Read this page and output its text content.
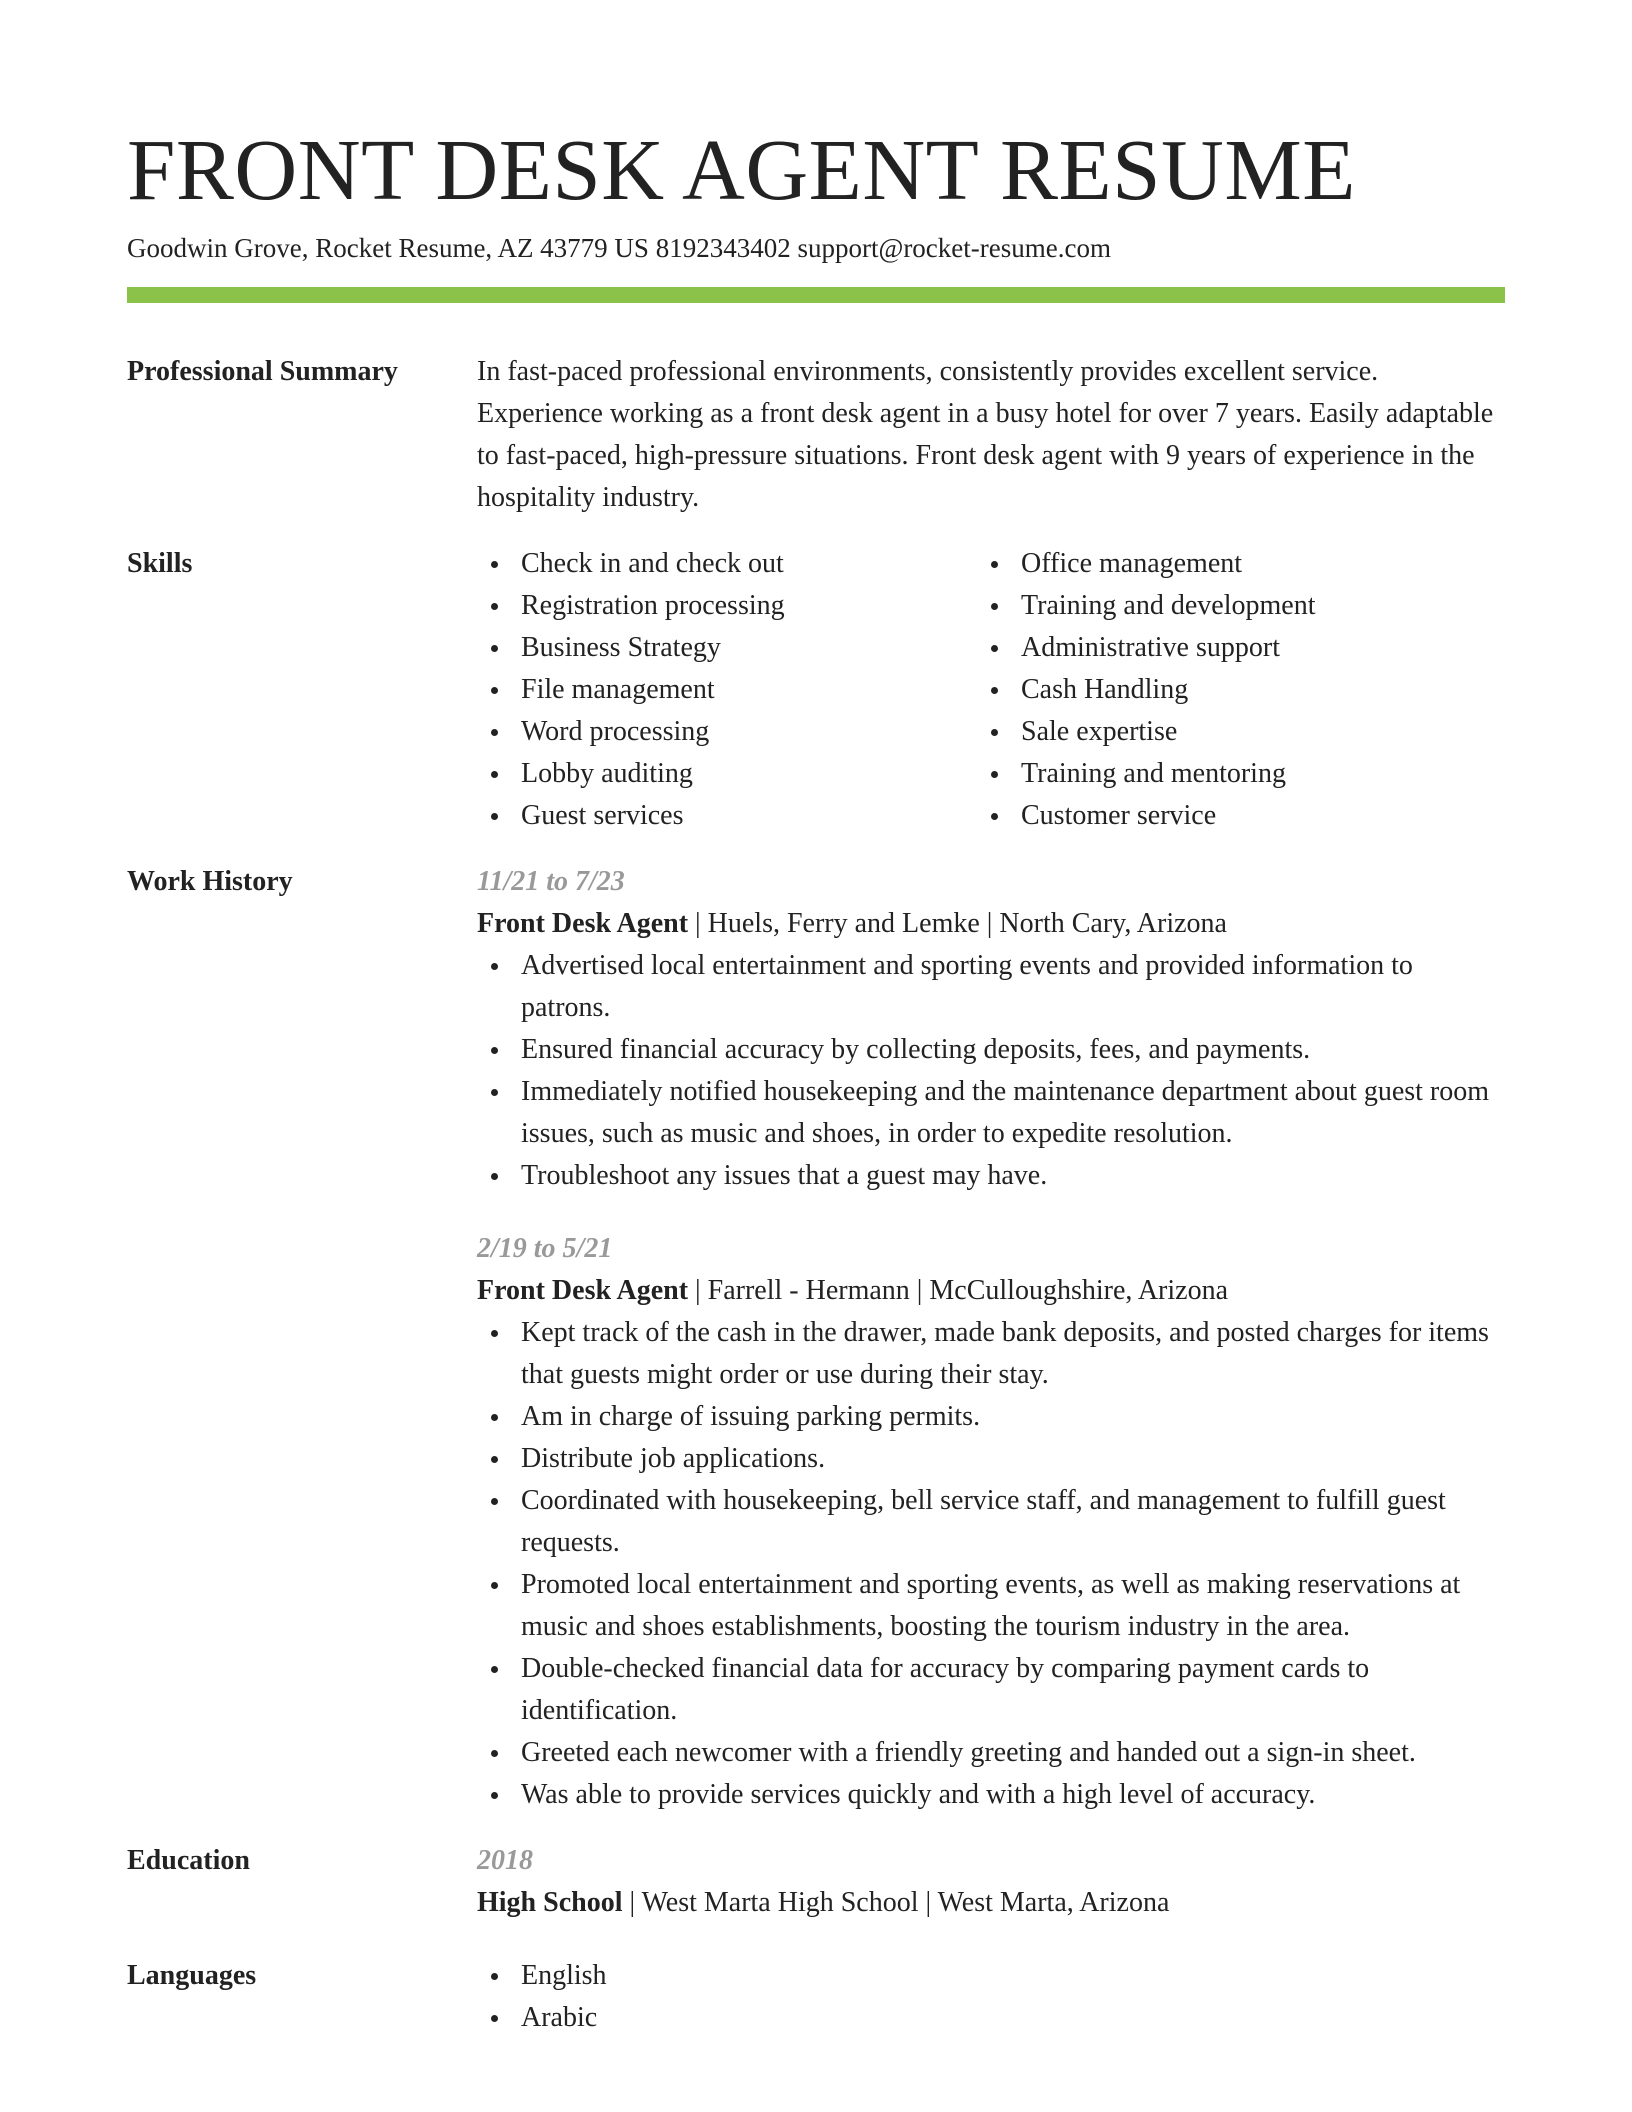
FRONT DESK AGENT RESUME
Goodwin Grove, Rocket Resume, AZ 43779 US 8192343402 support@rocket-resume.com
Professional Summary	In fast-paced professional environments, consistently provides excellent service. Experience working as a front desk agent in a busy hotel for over 7 years. Easily adaptable to fast-paced, high-pressure situations. Front desk agent with 9 years of experience in the hospitality industry.

Skills	Check in and check out
Registration processing
Business Strategy
File management
Word processing
Lobby auditing
Guest services
Office management
Training and development
Administrative support
Cash Handling
Sale expertise
Training and mentoring
Customer service
Work History	11/21 to 7/23
Front Desk Agent | Huels, Ferry and Lemke | North Cary, Arizona
Advertised local entertainment and sporting events and provided information to patrons.
Ensured financial accuracy by collecting deposits, fees, and payments.
Immediately notified housekeeping and the maintenance department about guest room issues, such as music and shoes, in order to expedite resolution.
Troubleshoot any issues that a guest may have.
2/19 to 5/21
Front Desk Agent | Farrell - Hermann | McCulloughshire, Arizona
Kept track of the cash in the drawer, made bank deposits, and posted charges for items that guests might order or use during their stay.
Am in charge of issuing parking permits.
Distribute job applications.
Coordinated with housekeeping, bell service staff, and management to fulfill guest requests.
Promoted local entertainment and sporting events, as well as making reservations at music and shoes establishments, boosting the tourism industry in the area.
Double-checked financial data for accuracy by comparing payment cards to identification.
Greeted each newcomer with a friendly greeting and handed out a sign-in sheet.
Was able to provide services quickly and with a high level of accuracy.
Education	2018
High School | West Marta High School | West Marta, Arizona
Languages	English
Arabic
